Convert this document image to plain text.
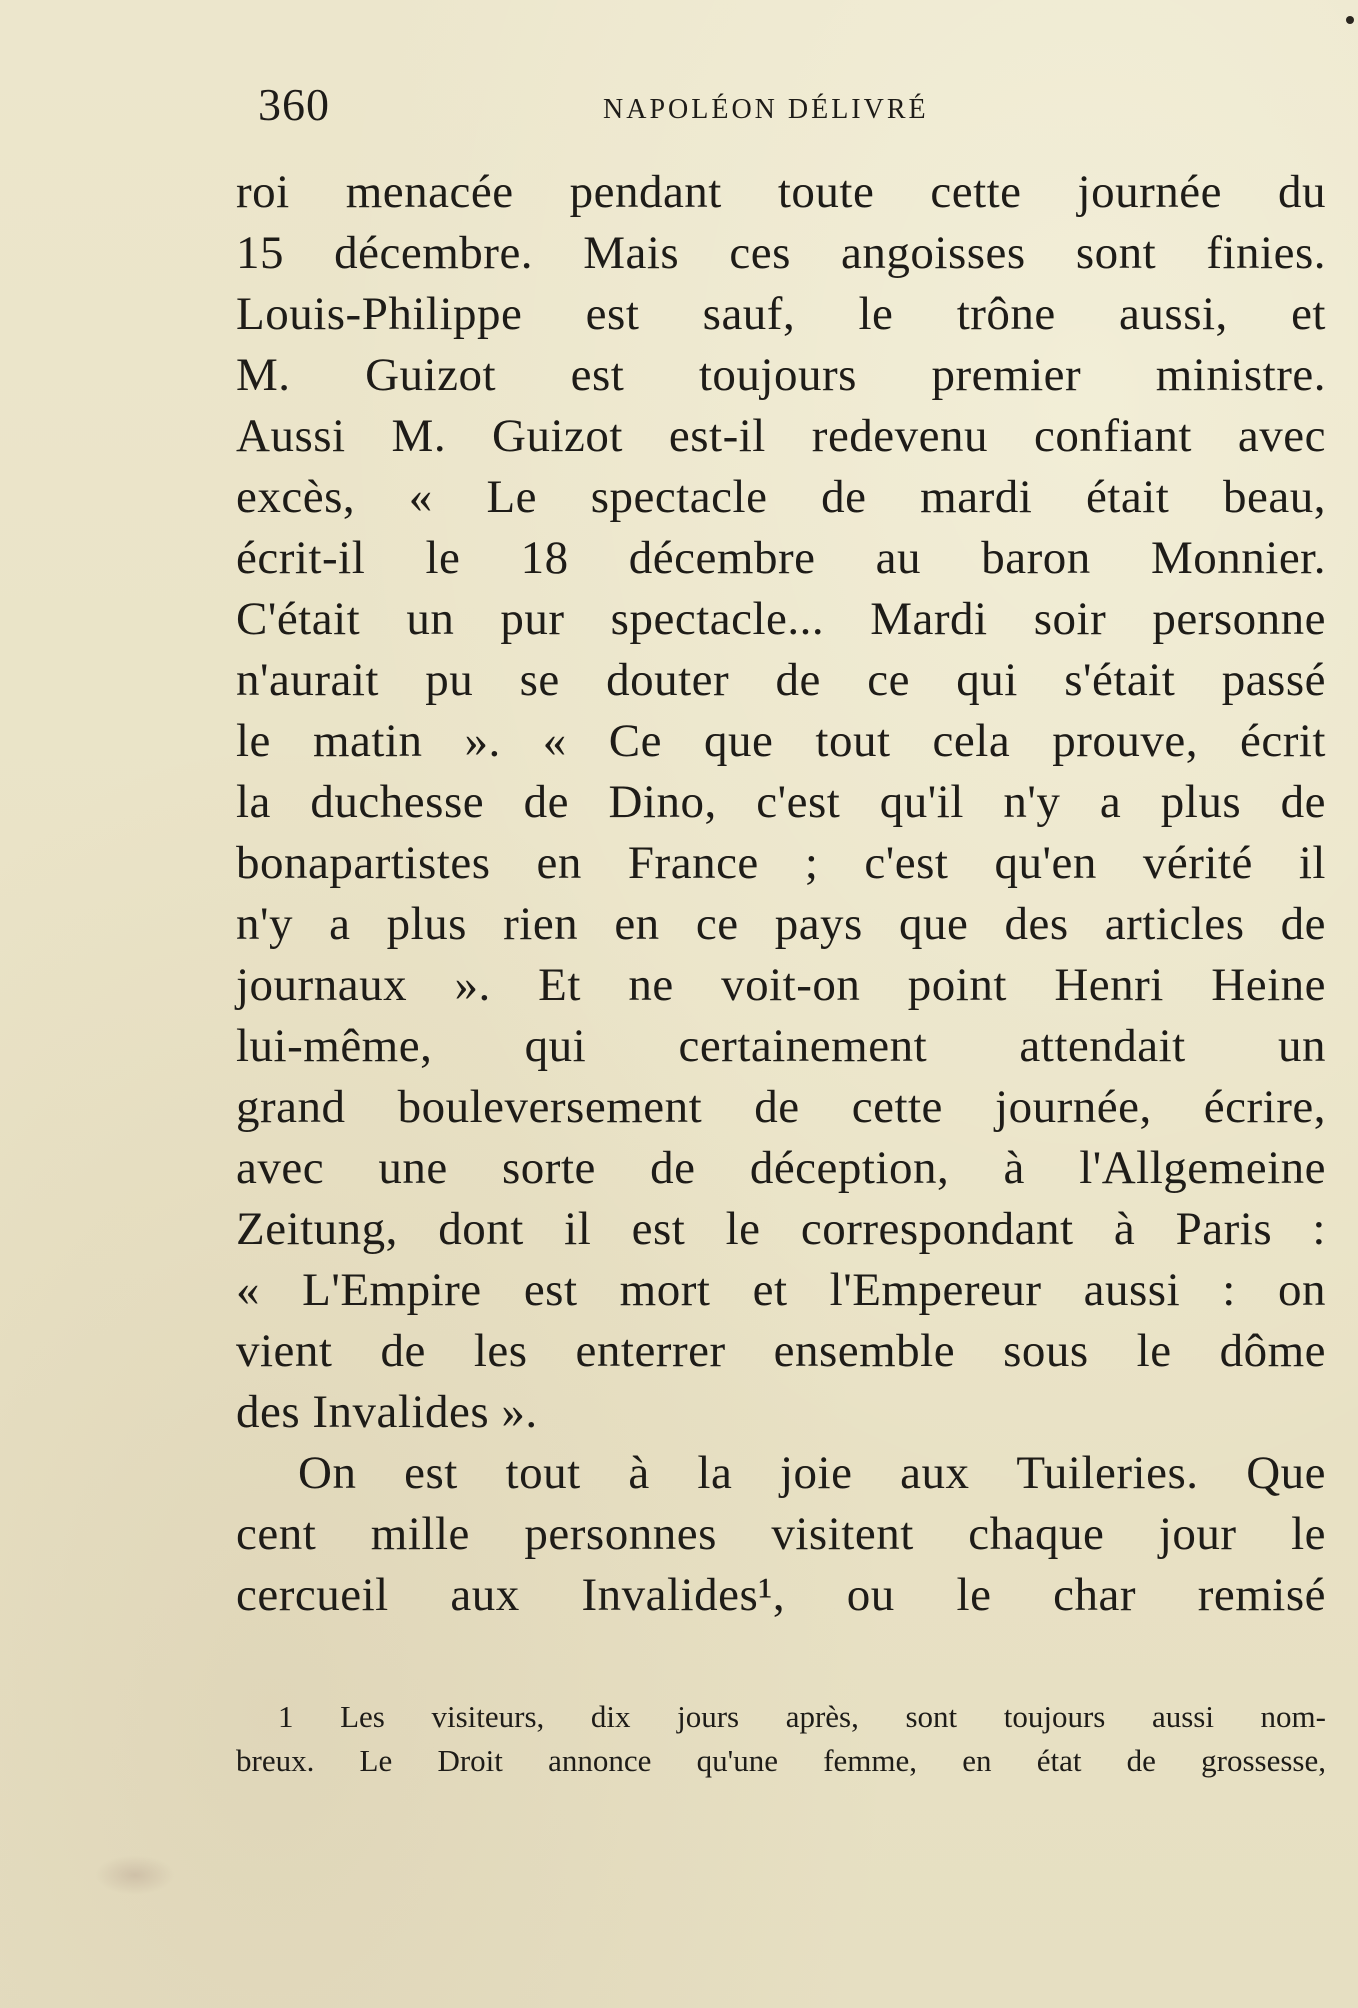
360	NAPOLÉON DÉLIVRÉ
roi menacée pendant toute cette journée du
15 décembre. Mais ces angoisses sont finies.
Louis-Philippe est sauf, le trône aussi, et
M. Guizot est toujours premier ministre.
Aussi M. Guizot est-il redevenu confiant avec
excès, « Le spectacle de mardi était beau,
écrit-il le 18 décembre au baron Monnier.
C'était un pur spectacle... Mardi soir personne
n'aurait pu se douter de ce qui s'était passé
le matin ». « Ce que tout cela prouve, écrit
la duchesse de Dino, c'est qu'il n'y a plus de
bonapartistes en France ; c'est qu'en vérité il
n'y a plus rien en ce pays que des articles de
journaux ». Et ne voit-on point Henri Heine
lui-même, qui certainement attendait un
grand bouleversement de cette journée, écrire,
avec une sorte de déception, à l'Allgemeine
Zeitung, dont il est le correspondant à Paris :
« L'Empire est mort et l'Empereur aussi : on
vient de les enterrer ensemble sous le dôme
des Invalides ».
On est tout à la joie aux Tuileries. Que
cent mille personnes visitent chaque jour le
cercueil aux Invalides¹, ou le char remisé
1 Les visiteurs, dix jours après, sont toujours aussi nom-
breux. Le Droit annonce qu'une femme, en état de grossesse,
